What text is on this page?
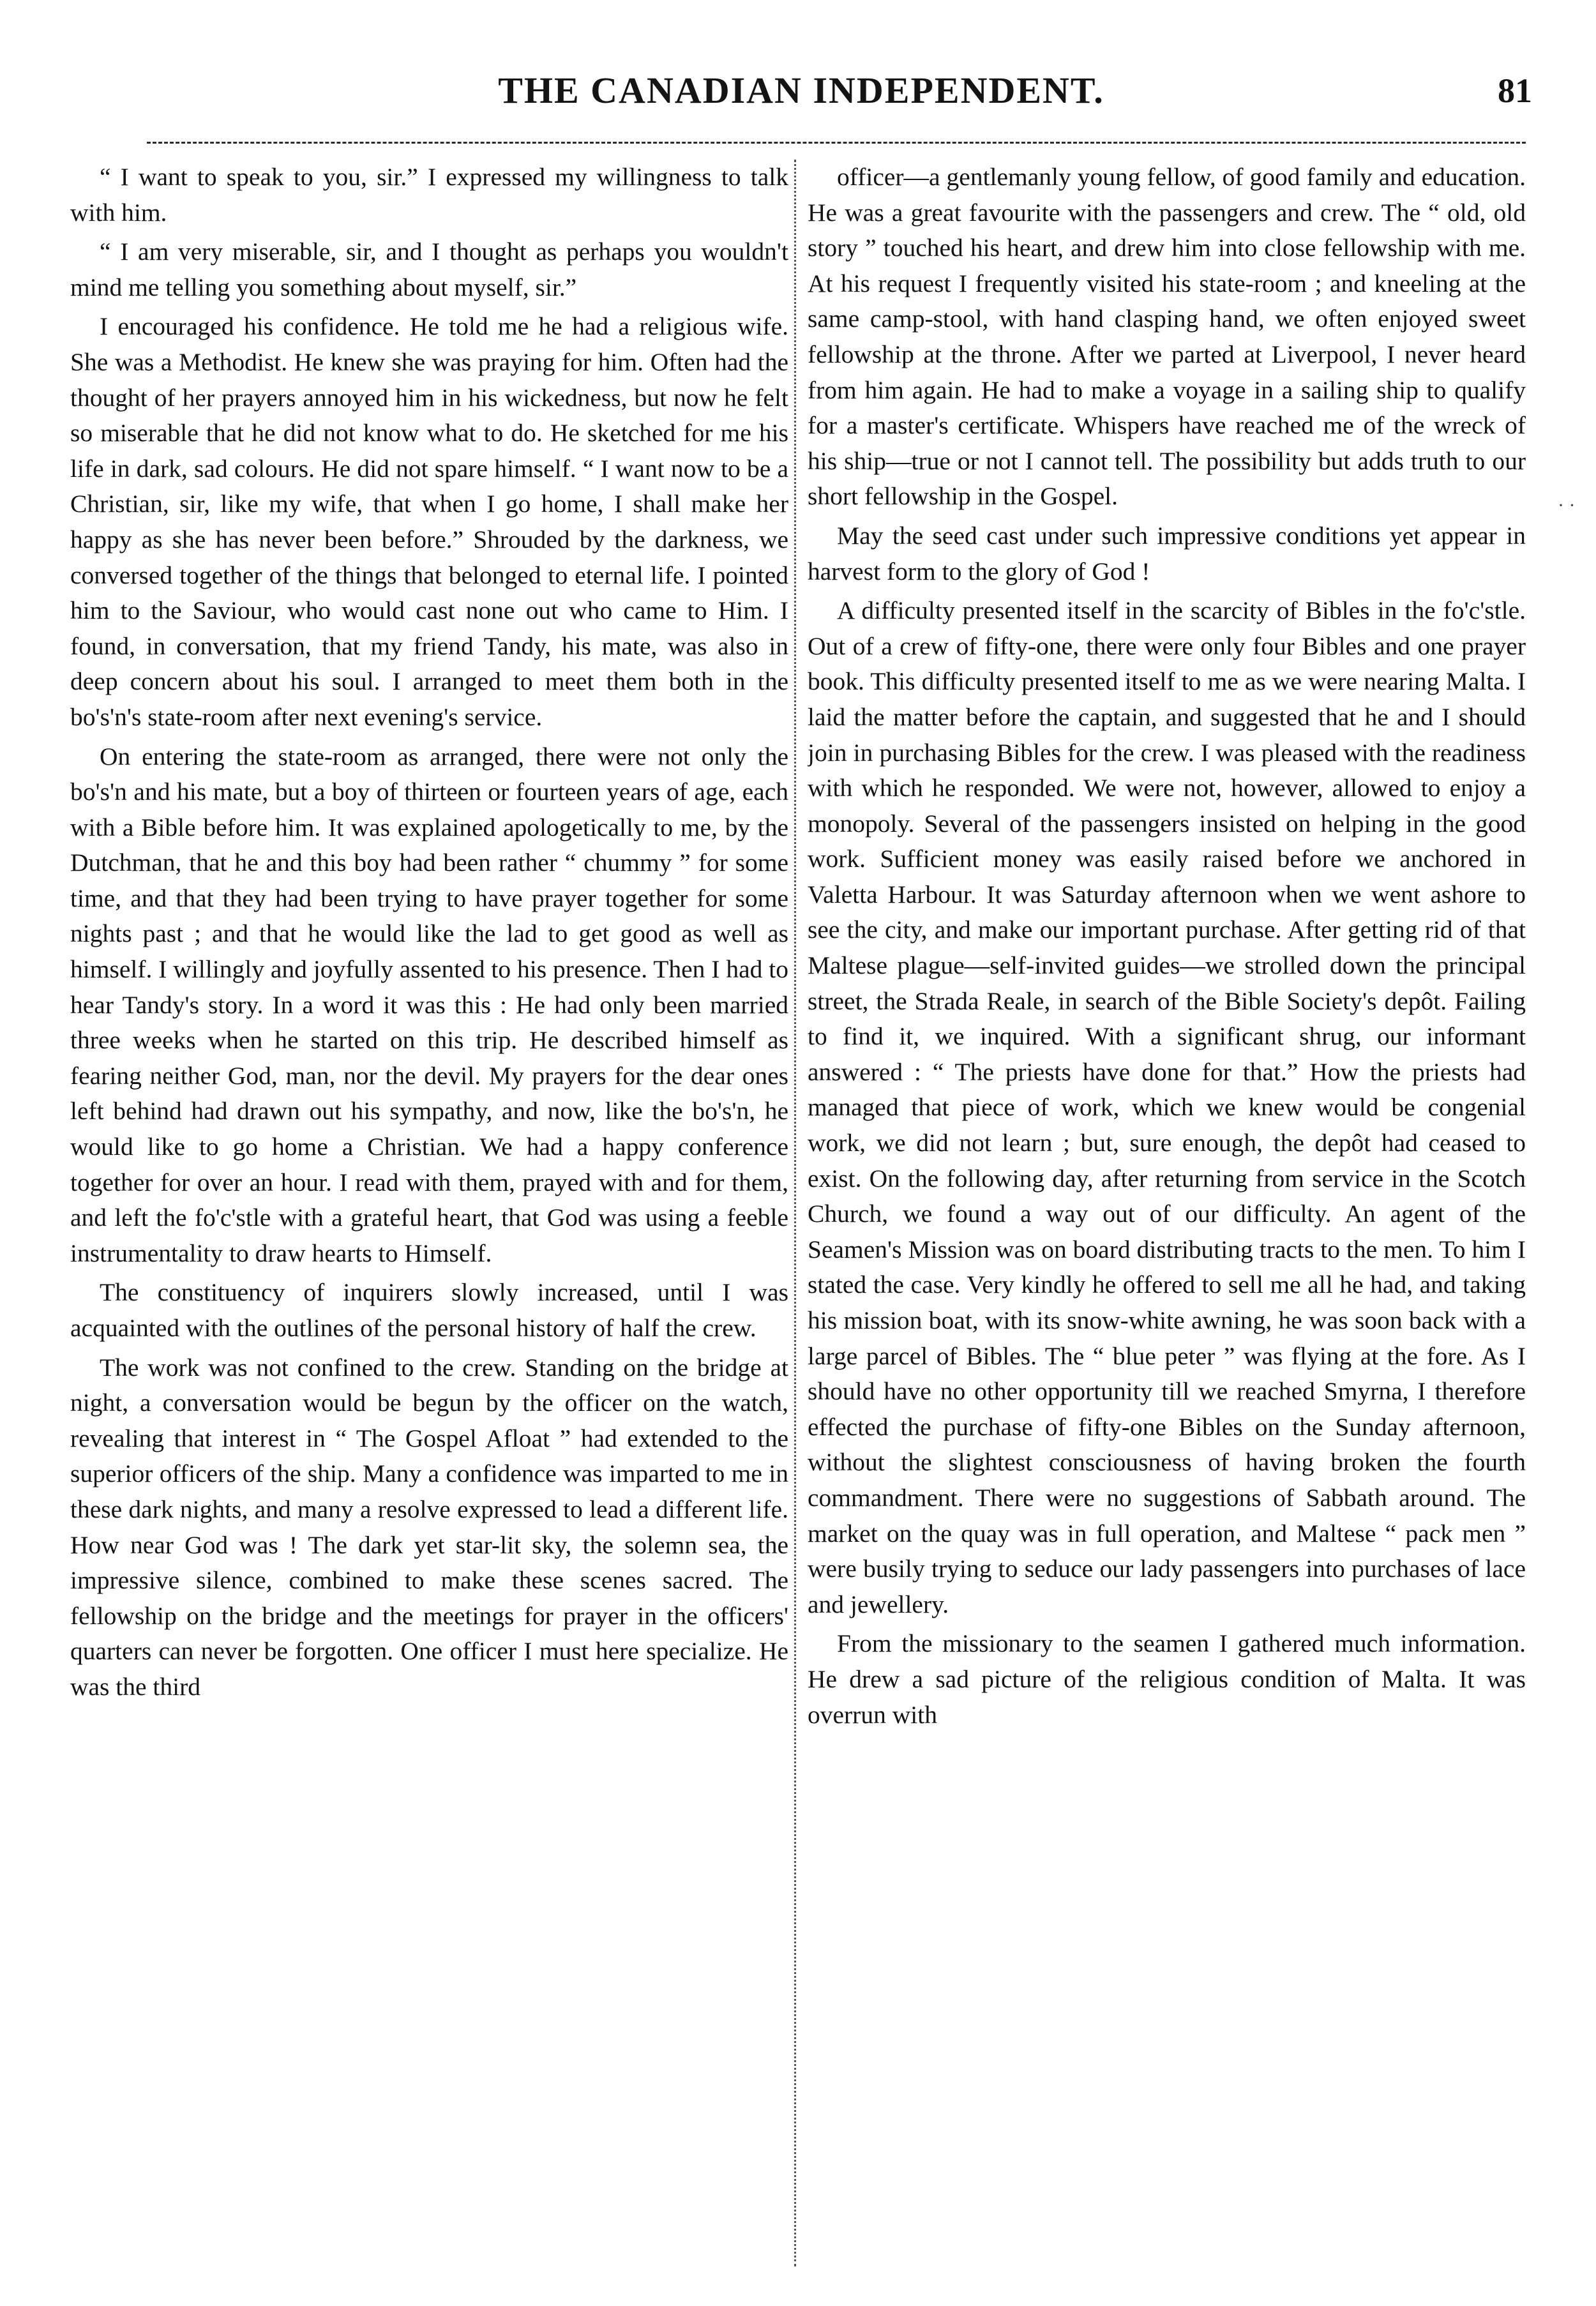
THE CANADIAN INDEPENDENT.	81

“ I want to speak to you, sir.” I expressed my willingness to talk with him.

“ I am very miserable, sir, and I thought as perhaps you wouldn't mind me telling you something about myself, sir.”

I encouraged his confidence. He told me he had a religious wife. She was a Methodist. He knew she was praying for him. Often had the thought of her prayers annoyed him in his wickedness, but now he felt so miserable that he did not know what to do. He sketched for me his life in dark, sad colours. He did not spare himself. “ I want now to be a Christian, sir, like my wife, that when I go home, I shall make her happy as she has never been before.” Shrouded by the darkness, we conversed together of the things that belonged to eternal life. I pointed him to the Saviour, who would cast none out who came to Him. I found, in conversation, that my friend Tandy, his mate, was also in deep concern about his soul. I arranged to meet them both in the bo's'n's state-room after next evening's service.

On entering the state-room as arranged, there were not only the bo's'n and his mate, but a boy of thirteen or fourteen years of age, each with a Bible before him. It was explained apologetically to me, by the Dutchman, that he and this boy had been rather “ chummy ” for some time, and that they had been trying to have prayer together for some nights past ; and that he would like the lad to get good as well as himself. I willingly and joyfully assented to his presence. Then I had to hear Tandy's story. In a word it was this : He had only been married three weeks when he started on this trip. He described himself as fearing neither God, man, nor the devil. My prayers for the dear ones left behind had drawn out his sympathy, and now, like the bo's'n, he would like to go home a Christian. We had a happy conference together for over an hour. I read with them, prayed with and for them, and left the fo'c'stle with a grateful heart, that God was using a feeble instrumentality to draw hearts to Himself.

The constituency of inquirers slowly increased, until I was acquainted with the outlines of the personal history of half the crew.

The work was not confined to the crew. Standing on the bridge at night, a conversation would be begun by the officer on the watch, revealing that interest in “ The Gospel Afloat ” had extended to the superior officers of the ship. Many a confidence was imparted to me in these dark nights, and many a resolve expressed to lead a different life. How near God was ! The dark yet star-lit sky, the solemn sea, the impressive silence, combined to make these scenes sacred. The fellowship on the bridge and the meetings for prayer in the officers' quarters can never be forgotten. One officer I must here specialize. He was the third

officer—a gentlemanly young fellow, of good family and education. He was a great favourite with the passengers and crew. The “ old, old story ” touched his heart, and drew him into close fellowship with me. At his request I frequently visited his state-room ; and kneeling at the same camp-stool, with hand clasping hand, we often enjoyed sweet fellowship at the throne. After we parted at Liverpool, I never heard from him again. He had to make a voyage in a sailing ship to qualify for a master's certificate. Whispers have reached me of the wreck of his ship—true or not I cannot tell. The possibility but adds truth to our short fellowship in the Gospel.

May the seed cast under such impressive conditions yet appear in harvest form to the glory of God !

A difficulty presented itself in the scarcity of Bibles in the fo'c'stle. Out of a crew of fifty-one, there were only four Bibles and one prayer book. This difficulty presented itself to me as we were nearing Malta. I laid the matter before the captain, and suggested that he and I should join in purchasing Bibles for the crew. I was pleased with the readiness with which he responded. We were not, however, allowed to enjoy a monopoly. Several of the passengers insisted on helping in the good work. Sufficient money was easily raised before we anchored in Valetta Harbour. It was Saturday afternoon when we went ashore to see the city, and make our important purchase. After getting rid of that Maltese plague—self-invited guides—we strolled down the principal street, the Strada Reale, in search of the Bible Society's depôt. Failing to find it, we inquired. With a significant shrug, our informant answered : “ The priests have done for that.” How the priests had managed that piece of work, which we knew would be congenial work, we did not learn ; but, sure enough, the depôt had ceased to exist. On the following day, after returning from service in the Scotch Church, we found a way out of our difficulty. An agent of the Seamen's Mission was on board distributing tracts to the men. To him I stated the case. Very kindly he offered to sell me all he had, and taking his mission boat, with its snow-white awning, he was soon back with a large parcel of Bibles. The “ blue peter ” was flying at the fore. As I should have no other opportunity till we reached Smyrna, I therefore effected the purchase of fifty-one Bibles on the Sunday afternoon, without the slightest consciousness of having broken the fourth commandment. There were no suggestions of Sabbath around. The market on the quay was in full operation, and Maltese “ pack men ” were busily trying to seduce our lady passengers into purchases of lace and jewellery.

From the missionary to the seamen I gathered much information. He drew a sad picture of the religious condition of Malta. It was overrun with

· ·
